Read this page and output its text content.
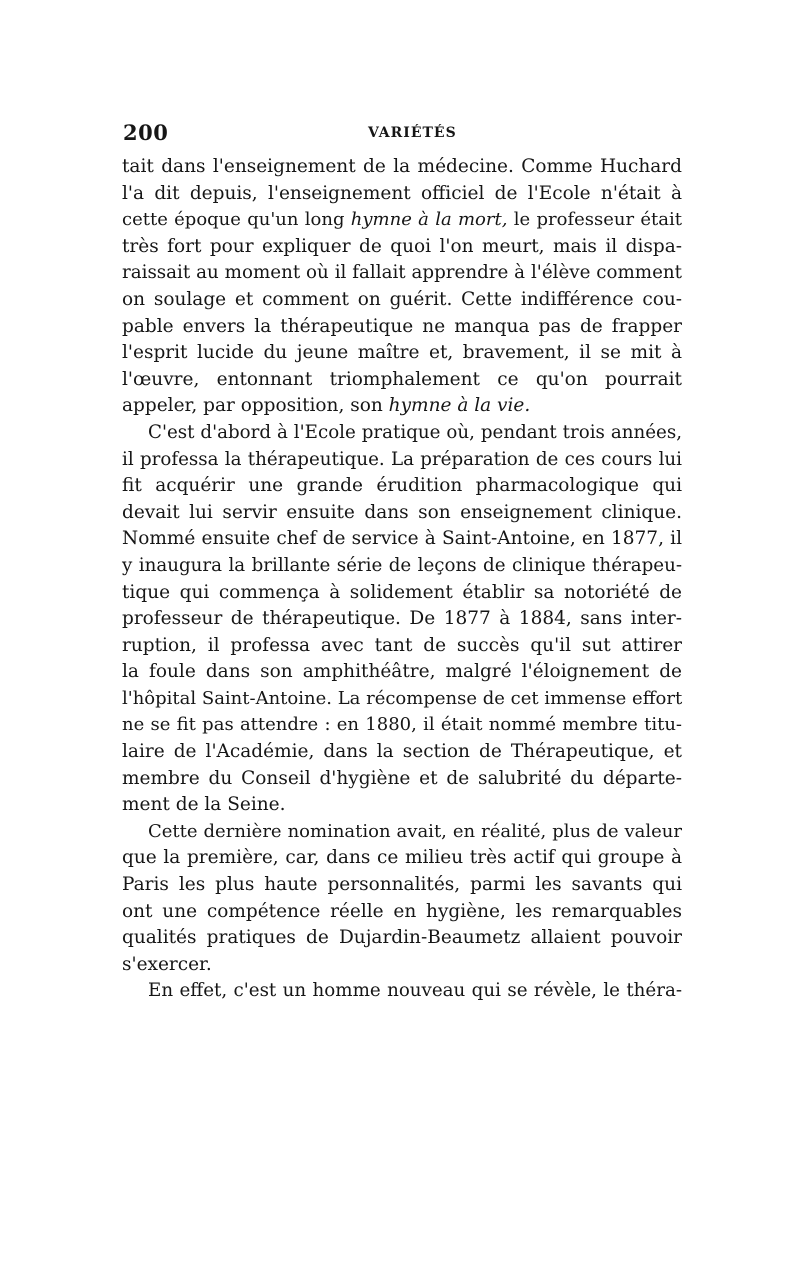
200	VARIÉTÉS
tait dans l'enseignement de la médecine. Comme Huchard
l'a dit depuis, l'enseignement officiel de l'Ecole n'était à
cette époque qu'un long hymne à la mort, le professeur était
très fort pour expliquer de quoi l'on meurt, mais il dispa-
raissait au moment où il fallait apprendre à l'élève comment
on soulage et comment on guérit. Cette indifférence cou-
pable envers la thérapeutique ne manqua pas de frapper
l'esprit lucide du jeune maître et, bravement, il se mit à
l'œuvre, entonnant triomphalement ce qu'on pourrait
appeler, par opposition, son hymne à la vie.
C'est d'abord à l'Ecole pratique où, pendant trois années,
il professa la thérapeutique. La préparation de ces cours lui
fit acquérir une grande érudition pharmacologique qui
devait lui servir ensuite dans son enseignement clinique.
Nommé ensuite chef de service à Saint-Antoine, en 1877, il
y inaugura la brillante série de leçons de clinique thérapeu-
tique qui commença à solidement établir sa notoriété de
professeur de thérapeutique. De 1877 à 1884, sans inter-
ruption, il professa avec tant de succès qu'il sut attirer
la foule dans son amphithéâtre, malgré l'éloignement de
l'hôpital Saint-Antoine. La récompense de cet immense effort
ne se fit pas attendre : en 1880, il était nommé membre titu-
laire de l'Académie, dans la section de Thérapeutique, et
membre du Conseil d'hygiène et de salubrité du départe-
ment de la Seine.
Cette dernière nomination avait, en réalité, plus de valeur
que la première, car, dans ce milieu très actif qui groupe à
Paris les plus haute personnalités, parmi les savants qui
ont une compétence réelle en hygiène, les remarquables
qualités pratiques de Dujardin-Beaumetz allaient pouvoir
s'exercer.
En effet, c'est un homme nouveau qui se révèle, le théra-
